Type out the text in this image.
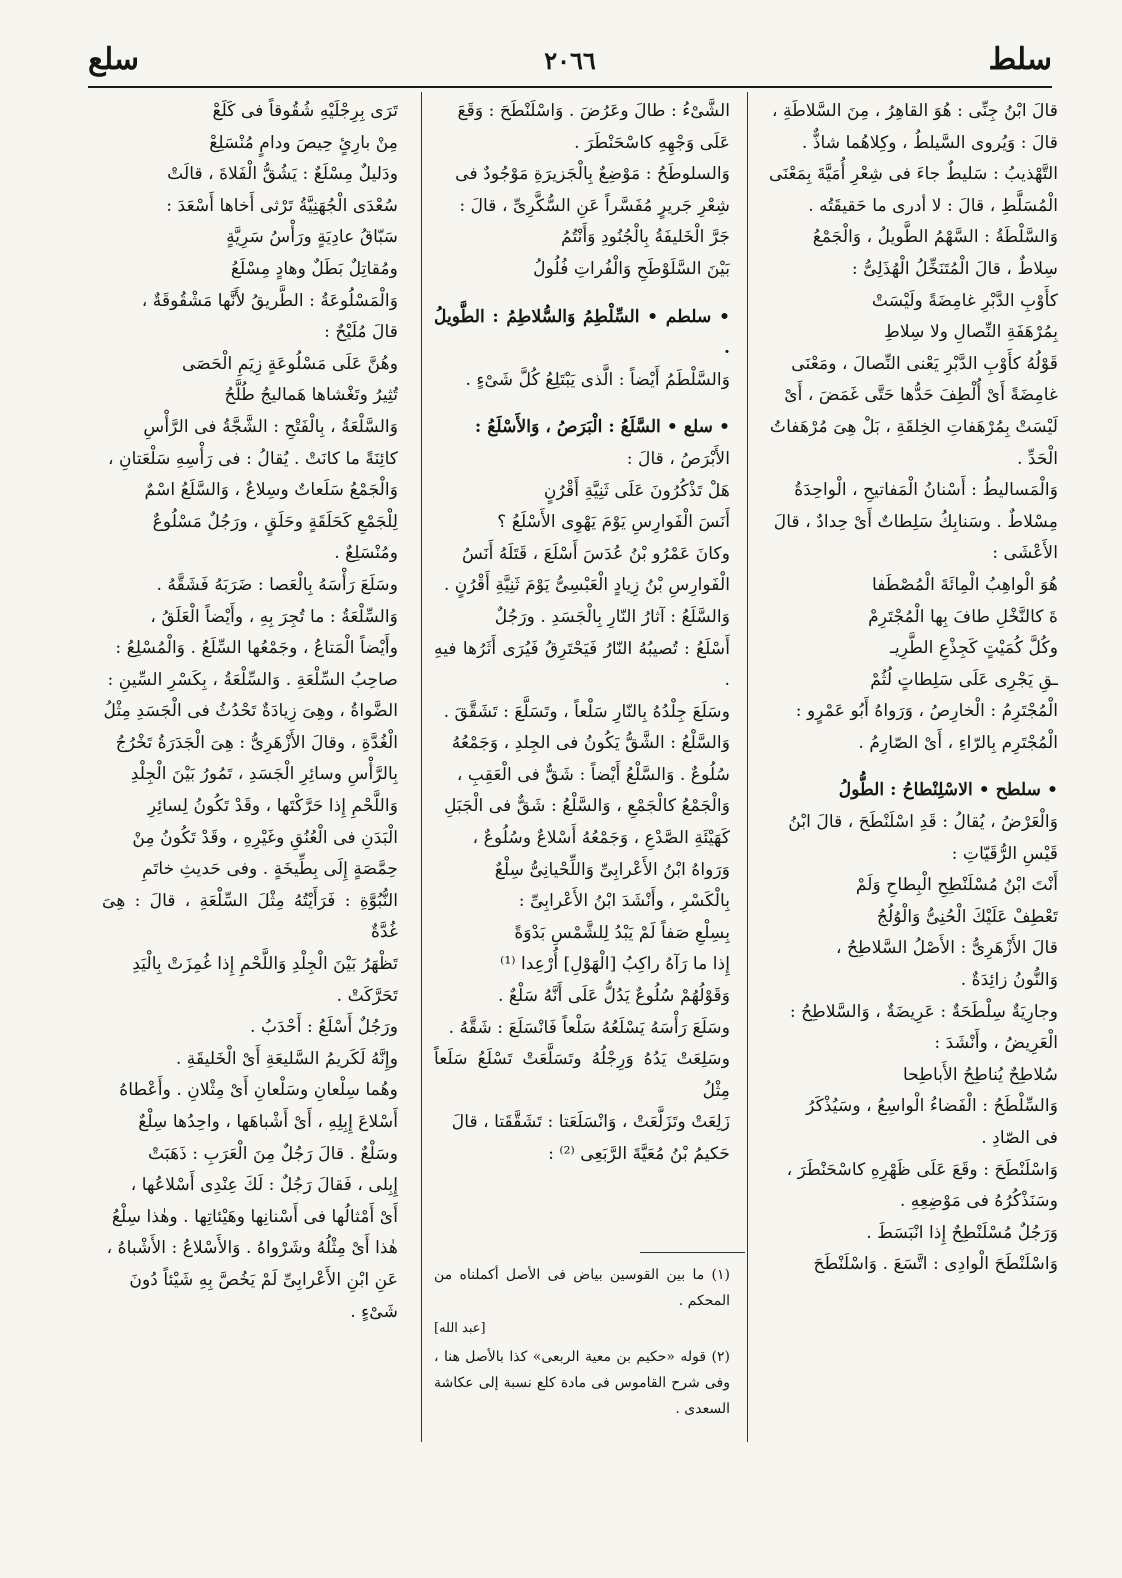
سلط
٢٠٦٦
سلع

قالَ ابْنُ جِنِّى : هُوَ القاهِرُ ، مِنَ السَّلاطَةِ ،

قالَ : وَيُروى السَّيلطُ ، وكِلاهُما شاذٌّ .

التَّهْذيبُ : سَليطٌ جاءَ فى شِعْرِ أُمَيَّةَ بِمَعْنَى

الْمُسَلَّطِ ، قالَ : لا أدرى ما حَقيقَتُه .

وَالسَّلْطَةُ : السَّهْمُ الطَّويلُ ، وَالْجَمْعُ

سِلاطٌ ، قالَ الْمُتَنَخِّلُ الْهُذَلِىُّ :

كأَوْبِ الدَّبْرِ غامِضَةً ولَيْسَتْ

بِمُرْهَفَةِ النِّصالِ ولا سِلاطِ

قَوْلُهُ كأَوْبِ الدَّبْرِ يَعْنى النِّصالَ ، ومَعْنَى

غامِضَةً أَىْ أُلْطِفَ حَدُّها حَتَّى غَمَضَ ، أَىْ

لَيْسَتْ بِمُرْهَفاتِ الخِلقَةِ ، بَلْ هِىَ مُرْهَفاتُ

الْحَدِّ .

وَالْمَساليطُ : أَسْنانُ الْمَفاتيحِ ، الْواحِدَةُ

مِسْلاطٌ . وسَنابِكُ سَلِطاتٌ أَىْ حِدادٌ ، قالَ

الأَعْشَى :

هُوَ الْواهِبُ الْمِائَةَ الْمُصْطَفا

ةَ كالنَّخْلِ طافَ بِها الْمُجْتَرِمْ

وكُلَّ كُمَيْتٍ كَجِذْعِ الطَّرِيـ

ـقِ يَجْرِى عَلَى سَلِطاتٍ لُثُمْ

الْمُجْتَرِمُ : الْخارِصُ ، وَرَواهُ أَبُو عَمْرٍو :

الْمُجْتَرِم بِالرّاءِ ، أَىْ الصّارِمُ .

• سلطح • الاسْلِنْطاحُ : الطُّولُ

وَالْعَرْضُ ، يُقالُ : قَدِ اسْلَنْطَحَ ، قالَ ابْنُ

قَيْسِ الرُّقَيّاتِ :

أَنْتَ ابْنُ مُسْلَنْطِحِ الْبِطاحِ وَلَمْ

تَعْطِفْ عَلَيْكَ الْحُنِىُّ وَالْوُلُجُ

قالَ الأَزْهَرِىُّ : الأَصْلُ السَّلاطِحُ ،

وَالنُّونُ زائِدَةٌ .

وجارِيَةٌ سِلْطَحَةٌ : عَرِيضَةٌ ، وَالسَّلاطِحُ :

الْعَرِيضُ ، وأَنْشَدَ :

سُلاطِحٌ يُناطِحُ الأَباطِحا

وَالسِّلْطَحُ : الْفَضاءُ الْواسِعُ ، وسَيُذْكَرُ

فى الصّادِ .

وَاسْلَنْطَحَ : وقَعَ عَلَى ظَهْرِهِ كاسْحَنْطَرَ ،

وسَنَذْكُرُهُ فى مَوْضِعِهِ .

وَرَجُلٌ مُسْلَنْطِحٌ إِذا انْبَسَطَ .

وَاسْلَنْطَحَ الْوادِى : اتَّسَعَ . وَاسْلَنْطَحَ

الشَّىْءُ : طالَ وعَرُضَ . وَاسْلَنْطَحَ : وَقَعَ

عَلَى وَجْهِهِ كاسْحَنْطَرَ .

وَالسلوطَحُ : مَوْضِعٌ بِالْجَزيرَةِ مَوْجُودٌ فى

شِعْرِ جَريرٍ مُفَسَّراً عَنِ السُّكَّرِىِّ ، قالَ :

جَرَّ الْخَليفَةُ بِالْجُنُودِ وَأَنْتُمُ

بَيْنَ السَّلَوْطَحِ وَالْفُراتِ فُلُولُ

• سلطم • السِّلْطِمُ وَالسُّلاطِمُ : الطَّويلُ .

وَالسَّلْطَمُ أَيْضاً : الَّذى يَبْتَلِعُ كُلَّ شَىْءٍ .

• سلع • السَّلَعُ : الْبَرَصُ ، وَالأَسْلَعُ :

الأَبْرَصُ ، قالَ :

هَلْ تَذْكُرُونَ عَلَى ثَنِيَّةِ أَقْرُنٍ

أَنَسَ الْفَوارِسِ يَوْمَ يَهْوِى الأَسْلَعُ ؟

وكانَ عَمْرُو بْنُ عُدَسَ أَسْلَعَ ، قَتَلَهُ أَنَسُ

الْفَوارِسِ بْنُ زِيادٍ الْعَبْسِىُّ يَوْمَ ثَنِيَّةِ أَقْرُنٍ .

وَالسَّلَعُ : آثارُ النّارِ بِالْجَسَدِ . ورَجُلٌ

أَسْلَعُ : تُصيبُهُ النّارُ فَيَحْتَرِقُ فَيُرَى أَثَرُها فيهِ .

وسَلَعَ جِلْدُهُ بِالنّارِ سَلْعاً ، وتَسَلَّعَ : تَشَقَّقَ .

وَالسَّلْعُ : الشَّقُّ يَكُونُ فى الجِلدِ ، وَجَمْعُهُ

سُلُوعٌ . وَالسَّلْعُ أَيْضاً : شَقٌّ فى الْعَقِبِ ،

وَالْجَمْعُ كالْجَمْعِ ، وَالسَّلْعُ : شَقٌّ فى الْجَبَلِ

كَهَيْئَةِ الصَّدْعِ ، وَجَمْعُهُ أَسْلاعٌ وسُلُوعٌ ،

وَرَواهُ ابْنُ الأَعْرابِىِّ وَاللِّحْيانِىُّ سِلْعٌ

بِالْكَسْرِ ، وأَنْشَدَ ابْنُ الأَعْرابِىِّ :

بِسِلْعِ صَفاً لَمْ يَبْدُ لِلشَّمْسِ بَدْوَةً

إِذا ما رَآهُ راكِبُ [الْهَوْلِ] أُرْعِدا ⁽¹⁾

وَقَوْلُهُمْ سُلُوعٌ يَدُلُّ عَلَى أَنَّهُ سَلْعٌ .

وسَلَعَ رَأْسَهُ يَسْلَعُهُ سَلْعاً فَانْسَلَعَ : شَقَّهُ .

وسَلِعَتْ يَدُهُ وَرِجْلُهُ وتَسَلَّعَتْ تَسْلَعُ سَلَعاً مِثْلُ

زَلِعَتْ وتَزَلَّعَتْ ، وَانْسَلَعَتا : تَشَقَّقَتا ، قالَ

حَكيمُ بْنُ مُعَيَّةَ الرَّبَعِى ⁽²⁾ :

تَرَى بِرِجْلَيْهِ شُقُوقاً فى كَلَعْ

مِنْ بارِئٍ حِيصَ ودامٍ مُنْسَلِعْ

ودَليلٌ مِسْلَعٌ : يَشُقُّ الْفَلاةَ ، قالَتْ

سُعْدَى الْجُهَنِيَّةُ تَرْثى أَخاها أَسْعَدَ :

سَبّاقُ عادِيَةٍ ورَأْسُ سَرِيَّةٍ

ومُقاتِلٌ بَطَلٌ وهادٍ مِسْلَعُ

وَالْمَسْلُوعَةُ : الطَّريقُ لأَنَّها مَشْقُوقَةٌ ،

قالَ مُلَيْحٌ :

وهُنَّ عَلَى مَسْلُوعَةٍ زِيَمِ الْحَصَى

تُثِيرُ وتَغْشاها هَماليجُ طُلَّحُ

وَالسَّلْعَةُ ، بِالْفَتْحِ : الشَّجَّةُ فى الرَّأْسِ

كائِنَةً ما كانَتْ . يُقالُ : فى رَأْسِهِ سَلْعَتانِ ،

وَالْجَمْعُ سَلَعاتٌ وسِلاعٌ ، وَالسَّلَعُ اسْمٌ

لِلْجَمْعِ كَحَلَقَةٍ وحَلَقٍ ، ورَجُلٌ مَسْلُوعٌ

ومُنْسَلِعٌ .

وسَلَعَ رَأْسَهُ بِالْعَصا : ضَرَبَهُ فَشَقَّهُ .

وَالسِّلْعَةُ : ما تُجِرَ بِهِ ، وأَيْضاً الْعَلَقُ ،

وأَيْضاً الْمَتاعُ ، وجَمْعُها السِّلَعُ . وَالْمُسْلِعُ :

صاحِبُ السِّلْعَةِ . وَالسِّلْعَةُ ، بِكَسْرِ السِّينِ :

الضَّواةُ ، وهِىَ زِيادَةٌ تَحْدُثُ فى الْجَسَدِ مِثْلُ

الْغُدَّةِ ، وقالَ الأَزْهَرِىُّ : هِىَ الْجَدَرَةُ تَخْرُجُ

بِالرَّأْسِ وسائِرِ الْجَسَدِ ، تَمُورُ بَيْنَ الْجِلْدِ

وَاللَّحْمِ إِذا حَرَّكْتَها ، وقَدْ تَكُونُ لِسائِرِ

الْبَدَنِ فى الْعُنُقِ وغَيْرِهِ ، وقَدْ تَكُونُ مِنْ

حِمَّصَةٍ إِلَى بِطِّيخَةٍ . وفى حَديثِ خاتَمِ

النُّبُوَّةِ : فَرَأَيْتُهُ مِثْلَ السِّلْعَةِ ، قالَ : هِىَ غُدَّةٌ

تَظْهَرُ بَيْنَ الْجِلْدِ وَاللَّحْمِ إِذا غُمِزَتْ بِالْيَدِ

تَحَرَّكَتْ .

ورَجُلٌ أَسْلَعُ : أَحْدَبُ .

وإِنَّهُ لَكَريمُ السَّليعَةِ أَىْ الْخَليقَةِ .

وهُما سِلْعانِ وسَلْعانِ أَىْ مِثْلانِ . وأَعْطاهُ

أَسْلاعَ إِبِلِهِ ، أَىْ أَشْباهَها ، واحِدُها سِلْعٌ

وسَلْعٌ . قالَ رَجُلٌ مِنَ الْعَرَبِ : ذَهَبَتْ

إِبِلى ، فَقالَ رَجُلٌ : لَكَ عِنْدِى أَسْلاعُها ،

أَىْ أَمْثالُها فى أَسْنانِها وهَيْئاتِها . وهٰذا سِلْعُ

هٰذا أَىْ مِثْلُهُ وشَرْواهُ . وَالأَسْلاعُ : الأَشْباهُ ،

عَنِ ابْنِ الأَعْرابِىِّ لَمْ يَخُصَّ بِهِ شَيْئاً دُونَ

شَىْءٍ .

(١) ما بين القوسين بياض فى الأصل أكملناه من المحكم .

[عبد الله]

(٢) قوله «حكيم بن معية الربعى» كذا بالأصل هنا ، وفى شرح القاموس فى مادة كلع نسبة إلى عكاشة السعدى .
